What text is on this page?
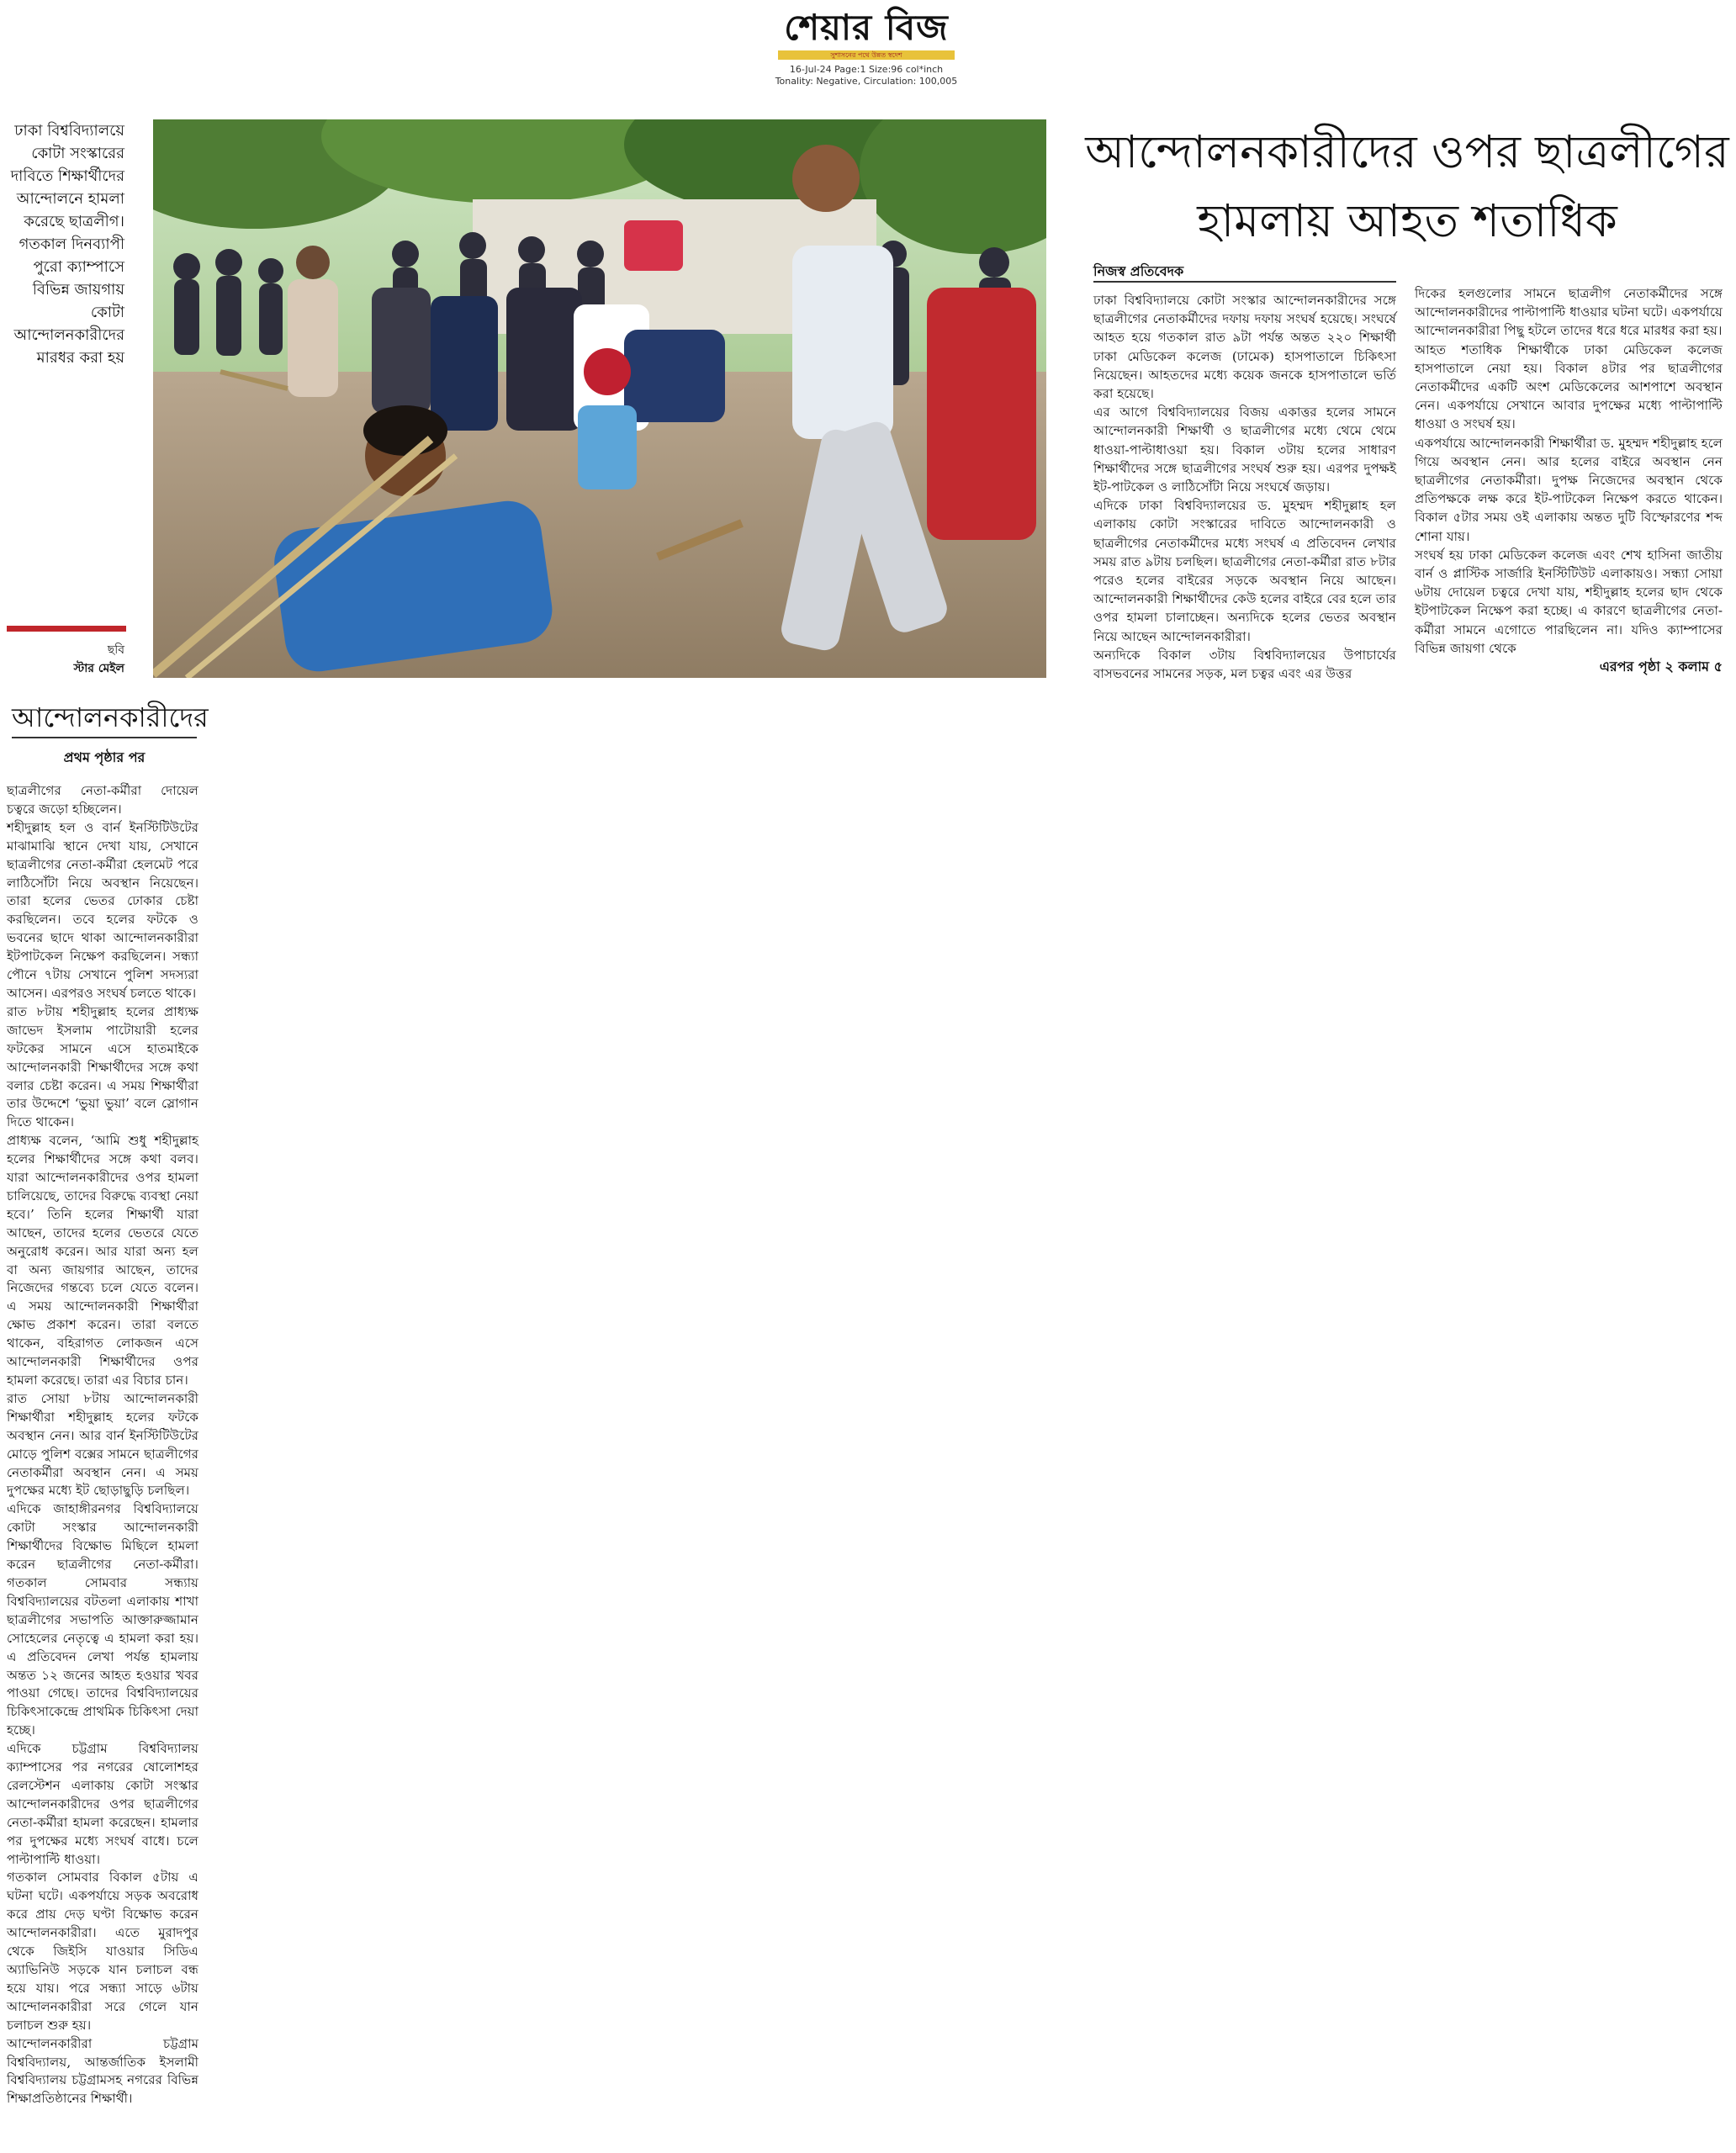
শেয়ার বিজ
সুশাসনের পথে উন্নত স্বদেশ
16-Jul-24 Page:1 Size:96 col*inch
Tonality: Negative, Circulation: 100,005
ঢাকা বিশ্ববিদ্যালয়ে কোটা সংস্কারের দাবিতে শিক্ষার্থীদের আন্দোলনে হামলা করেছে ছাত্রলীগ। গতকাল দিনব্যাপী পুরো ক্যাম্পাসে বিভিন্ন জায়গায় কোটা আন্দোলনকারীদের মারধর করা হয়
ছবি
স্টার মেইল
আন্দোলনকারীদের ওপর ছাত্রলীগের হামলায় আহত শতাধিক
নিজস্ব প্রতিবেদক

ঢাকা বিশ্ববিদ্যালয়ে কোটা সংস্কার আন্দোলনকারীদের সঙ্গে ছাত্রলীগের নেতাকর্মীদের দফায় দফায় সংঘর্ষ হয়েছে। সংঘর্ষে আহত হয়ে গতকাল রাত ৯টা পর্যন্ত অন্তত ২২০ শিক্ষার্থী ঢাকা মেডিকেল কলেজ (ঢামেক) হাসপাতালে চিকিৎসা নিয়েছেন। আহতদের মধ্যে কয়েক জনকে হাসপাতালে ভর্তি করা হয়েছে।

এর আগে বিশ্ববিদ্যালয়ের বিজয় একাত্তর হলের সামনে আন্দোলনকারী শিক্ষার্থী ও ছাত্রলীগের মধ্যে থেমে থেমে ধাওয়া-পাল্টাধাওয়া হয়। বিকাল ৩টায় হলের সাধারণ শিক্ষার্থীদের সঙ্গে ছাত্রলীগের সংঘর্ষ শুরু হয়। এরপর দুপক্ষই ইট-পাটকেল ও লাঠিসোঁটা নিয়ে সংঘর্ষে জড়ায়।

এদিকে ঢাকা বিশ্ববিদ্যালয়ের ড. মুহম্মদ শহীদুল্লাহ হল এলাকায় কোটা সংস্কারের দাবিতে আন্দোলনকারী ও ছাত্রলীগের নেতাকর্মীদের মধ্যে সংঘর্ষ এ প্রতিবেদন লেখার সময় রাত ৯টায় চলছিল। ছাত্রলীগের নেতা-কর্মীরা রাত ৮টার পরেও হলের বাইরের সড়কে অবস্থান নিয়ে আছেন। আন্দোলনকারী শিক্ষার্থীদের কেউ হলের বাইরে বের হলে তার ওপর হামলা চালাচ্ছেন। অন্যদিকে হলের ভেতর অবস্থান নিয়ে আছেন আন্দোলনকারীরা।

অন্যদিকে বিকাল ৩টায় বিশ্ববিদ্যালয়ের উপাচার্যের বাসভবনের সামনের সড়ক, মল চত্বর এবং এর উত্তর

দিকের হলগুলোর সামনে ছাত্রলীগ নেতাকর্মীদের সঙ্গে আন্দোলনকারীদের পাল্টাপাল্টি ধাওয়ার ঘটনা ঘটে। একপর্যায়ে আন্দোলনকারীরা পিছু হটলে তাদের ধরে ধরে মারধর করা হয়।

আহত শতাধিক শিক্ষার্থীকে ঢাকা মেডিকেল কলেজ হাসপাতালে নেয়া হয়। বিকাল ৪টার পর ছাত্রলীগের নেতাকর্মীদের একটি অংশ মেডিকেলের আশপাশে অবস্থান নেন। একপর্যায়ে সেখানে আবার দুপক্ষের মধ্যে পাল্টাপাল্টি ধাওয়া ও সংঘর্ষ হয়।

একপর্যায়ে আন্দোলনকারী শিক্ষার্থীরা ড. মুহম্মদ শহীদুল্লাহ হলে গিয়ে অবস্থান নেন। আর হলের বাইরে অবস্থান নেন ছাত্রলীগের নেতাকর্মীরা। দুপক্ষ নিজেদের অবস্থান থেকে প্রতিপক্ষকে লক্ষ করে ইট-পাটকেল নিক্ষেপ করতে থাকেন। বিকাল ৫টার সময় ওই এলাকায় অন্তত দুটি বিস্ফোরণের শব্দ শোনা যায়।

সংঘর্ষ হয় ঢাকা মেডিকেল কলেজ এবং শেখ হাসিনা জাতীয় বার্ন ও প্লাস্টিক সার্জারি ইনস্টিটিউট এলাকায়ও। সন্ধ্যা সোয়া ৬টায় দোয়েল চত্বরে দেখা যায়, শহীদুল্লাহ হলের ছাদ থেকে ইটপাটকেল নিক্ষেপ করা হচ্ছে। এ কারণে ছাত্রলীগের নেতা-কর্মীরা সামনে এগোতে পারছিলেন না। যদিও ক্যাম্পাসের বিভিন্ন জায়গা থেকে

এরপর পৃষ্ঠা ২ কলাম ৫
আন্দোলনকারীদের
প্রথম পৃষ্ঠার পর

ছাত্রলীগের নেতা-কর্মীরা দোয়েল চত্বরে জড়ো হচ্ছিলেন।

শহীদুল্লাহ হল ও বার্ন ইনস্টিটিউটের মাঝামাঝি স্থানে দেখা যায়, সেখানে ছাত্রলীগের নেতা-কর্মীরা হেলমেট পরে লাঠিসোঁটা নিয়ে অবস্থান নিয়েছেন। তারা হলের ভেতর ঢোকার চেষ্টা করছিলেন। তবে হলের ফটকে ও ভবনের ছাদে থাকা আন্দোলনকারীরা ইটপাটকেল নিক্ষেপ করছিলেন। সন্ধ্যা পৌনে ৭টায় সেখানে পুলিশ সদস্যরা আসেন। এরপরও সংঘর্ষ চলতে থাকে।

রাত ৮টায় শহীদুল্লাহ হলের প্রাধ্যক্ষ জাভেদ ইসলাম পাটোয়ারী হলের ফটকের সামনে এসে হাতমাইকে আন্দোলনকারী শিক্ষার্থীদের সঙ্গে কথা বলার চেষ্টা করেন। এ সময় শিক্ষার্থীরা তার উদ্দেশে ‘ভুয়া ভুয়া’ বলে স্লোগান দিতে থাকেন।

প্রাধ্যক্ষ বলেন, ‘আমি শুধু শহীদুল্লাহ হলের শিক্ষার্থীদের সঙ্গে কথা বলব। যারা আন্দোলনকারীদের ওপর হামলা চালিয়েছে, তাদের বিরুদ্ধে ব্যবস্থা নেয়া হবে।’ তিনি হলের শিক্ষার্থী যারা আছেন, তাদের হলের ভেতরে যেতে অনুরোধ করেন। আর যারা অন্য হল বা অন্য জায়গার আছেন, তাদের নিজেদের গন্তব্যে চলে যেতে বলেন। এ সময় আন্দোলনকারী শিক্ষার্থীরা ক্ষোভ প্রকাশ করেন। তারা বলতে থাকেন, বহিরাগত লোকজন এসে আন্দোলনকারী শিক্ষার্থীদের ওপর হামলা করেছে। তারা এর বিচার চান।

রাত সোয়া ৮টায় আন্দোলনকারী শিক্ষার্থীরা শহীদুল্লাহ হলের ফটকে অবস্থান নেন। আর বার্ন ইনস্টিটিউটের মোড়ে পুলিশ বক্সের সামনে ছাত্রলীগের নেতাকর্মীরা অবস্থান নেন। এ সময় দুপক্ষের মধ্যে ইট ছোড়াছুড়ি চলছিল।

এদিকে জাহাঙ্গীরনগর বিশ্ববিদ্যালয়ে কোটা সংস্কার আন্দোলনকারী শিক্ষার্থীদের বিক্ষোভ মিছিলে হামলা করেন ছাত্রলীগের নেতা-কর্মীরা। গতকাল সোমবার সন্ধ্যায় বিশ্ববিদ্যালয়ের বটতলা এলাকায় শাখা ছাত্রলীগের সভাপতি আক্তারুজ্জামান সোহেলের নেতৃত্বে এ হামলা করা হয়। এ প্রতিবেদন লেখা পর্যন্ত হামলায় অন্তত ১২ জনের আহত হওয়ার খবর পাওয়া গেছে। তাদের বিশ্ববিদ্যালয়ের চিকিৎসাকেন্দ্রে প্রাথমিক চিকিৎসা দেয়া হচ্ছে।

এদিকে চট্টগ্রাম বিশ্ববিদ্যালয় ক্যাম্পাসের পর নগরের ষোলোশহর রেলস্টেশন এলাকায় কোটা সংস্কার আন্দোলনকারীদের ওপর ছাত্রলীগের নেতা-কর্মীরা হামলা করেছেন। হামলার পর দুপক্ষের মধ্যে সংঘর্ষ বাধে। চলে পাল্টাপাল্টি ধাওয়া।

গতকাল সোমবার বিকাল ৫টায় এ ঘটনা ঘটে। একপর্যায়ে সড়ক অবরোধ করে প্রায় দেড় ঘণ্টা বিক্ষোভ করেন আন্দোলনকারীরা। এতে মুরাদপুর থেকে জিইসি যাওয়ার সিডিএ অ্যাভিনিউ সড়কে যান চলাচল বন্ধ হয়ে যায়। পরে সন্ধ্যা সাড়ে ৬টায় আন্দোলনকারীরা সরে গেলে যান চলাচল শুরু হয়।

আন্দোলনকারীরা চট্টগ্রাম বিশ্ববিদ্যালয়, আন্তর্জাতিক ইসলামী বিশ্ববিদ্যালয় চট্টগ্রামসহ নগরের বিভিন্ন শিক্ষাপ্রতিষ্ঠানের শিক্ষার্থী।
